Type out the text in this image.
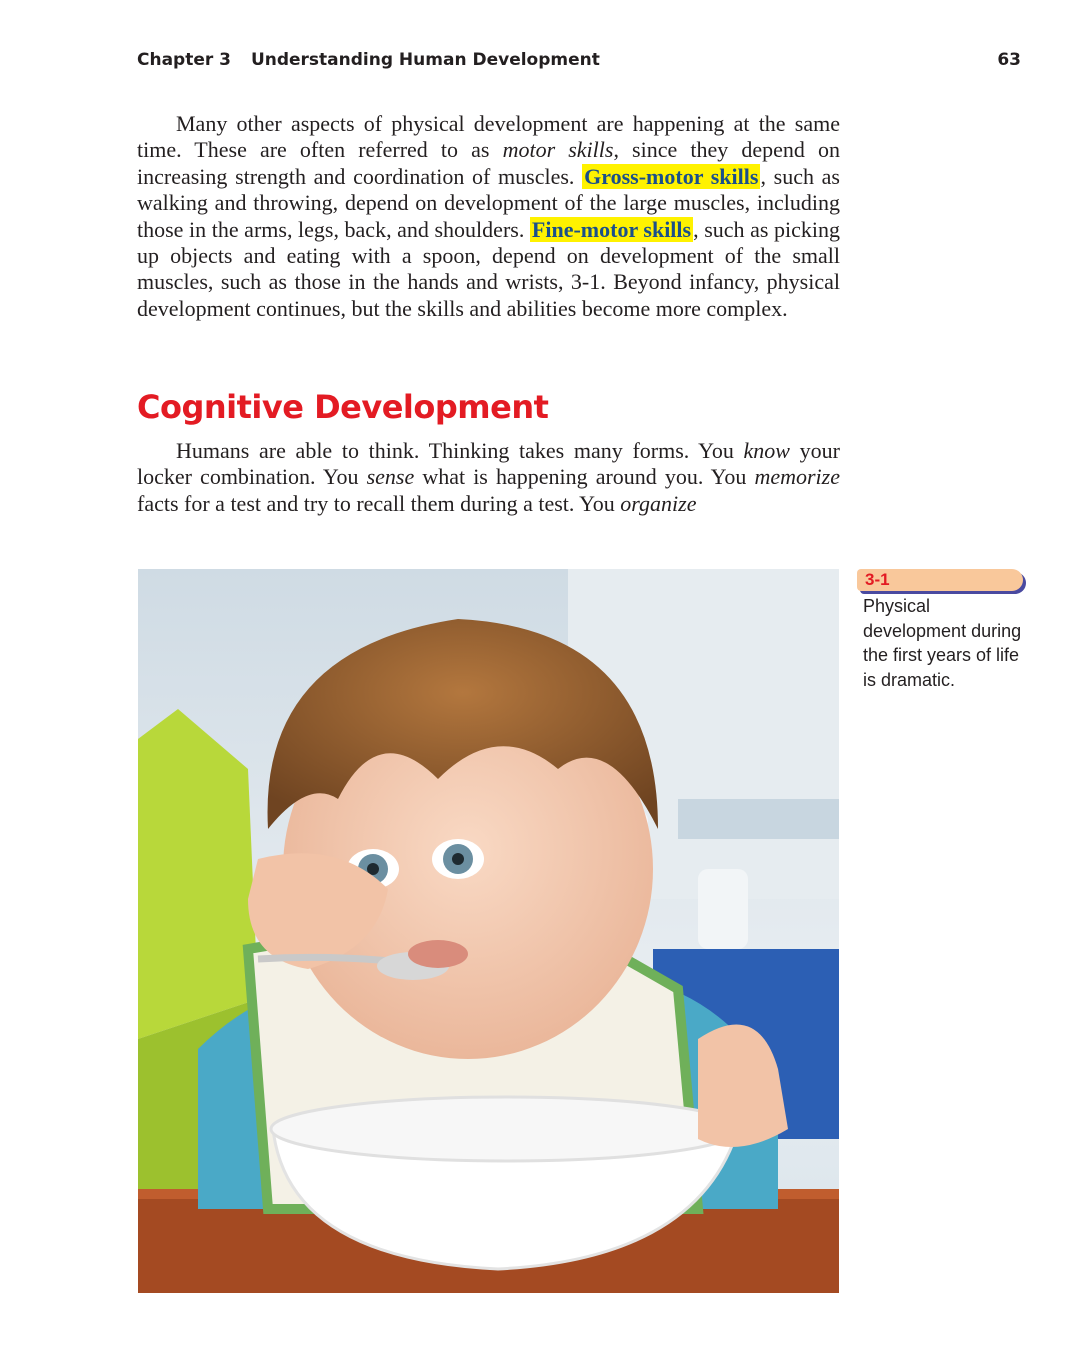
Chapter 3 Understanding Human Development	63

Many other aspects of physical development are happening at the same time. These are often referred to as motor skills, since they depend on increasing strength and coordination of muscles. Gross-motor skills, such as walking and throwing, depend on development of the large muscles, including those in the arms, legs, back, and shoulders. Fine-motor skills, such as picking up objects and eating with a spoon, depend on development of the small muscles, such as those in the hands and wrists, 3-1. Beyond infancy, physical development continues, but the skills and abilities become more complex.

Cognitive Development

Humans are able to think. Thinking takes many forms. You know your locker combination. You sense what is happening around you. You memorize facts for a test and try to recall them during a test. You organize

3-1
Physical development during the first years of life is dramatic.
